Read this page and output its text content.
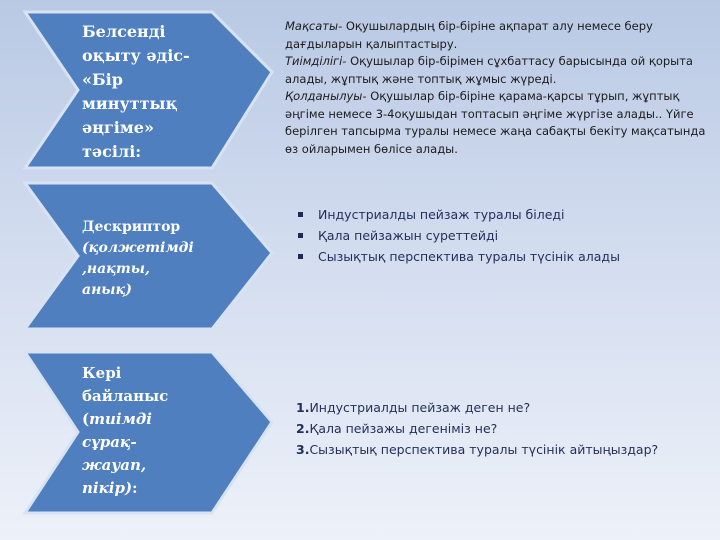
Белсенді
оқыту әдіс-
«Бір
минуттық
әңгіме»
тәсілі:
Дескриптор
(қолжетімді
,нақты,
анық)
Кері
байланыс
(тиімді
сұрақ-
жауап,
пікір):

Мақсаты- Оқушылардың бір-біріне ақпарат алу немесе беру дағдыларын қалыптастыру.

Тиімділігі- Оқушылар бір-бірімен сұхбаттасу барысында ой қорыта алады, жұптық және топтық жұмыс жүреді.

Қолданылуы- Оқушылар бір-біріне қарама-қарсы тұрып, жұптық әңгіме немесе 3-4оқушыдан топтасып әңгіме жүргізе алады.. Үйге берілген тапсырма туралы немесе жаңа сабақты бекіту мақсатында өз ойларымен бөлісе алады.

Индустриалды пейзаж туралы біледі
Қала пейзажын суреттейді
Сызықтық перспектива туралы түсінік алады

1.Индустриалды пейзаж деген не?

2.Қала пейзажы дегеніміз не?

3.Сызықтық перспектива туралы түсінік айтыңыздар?
